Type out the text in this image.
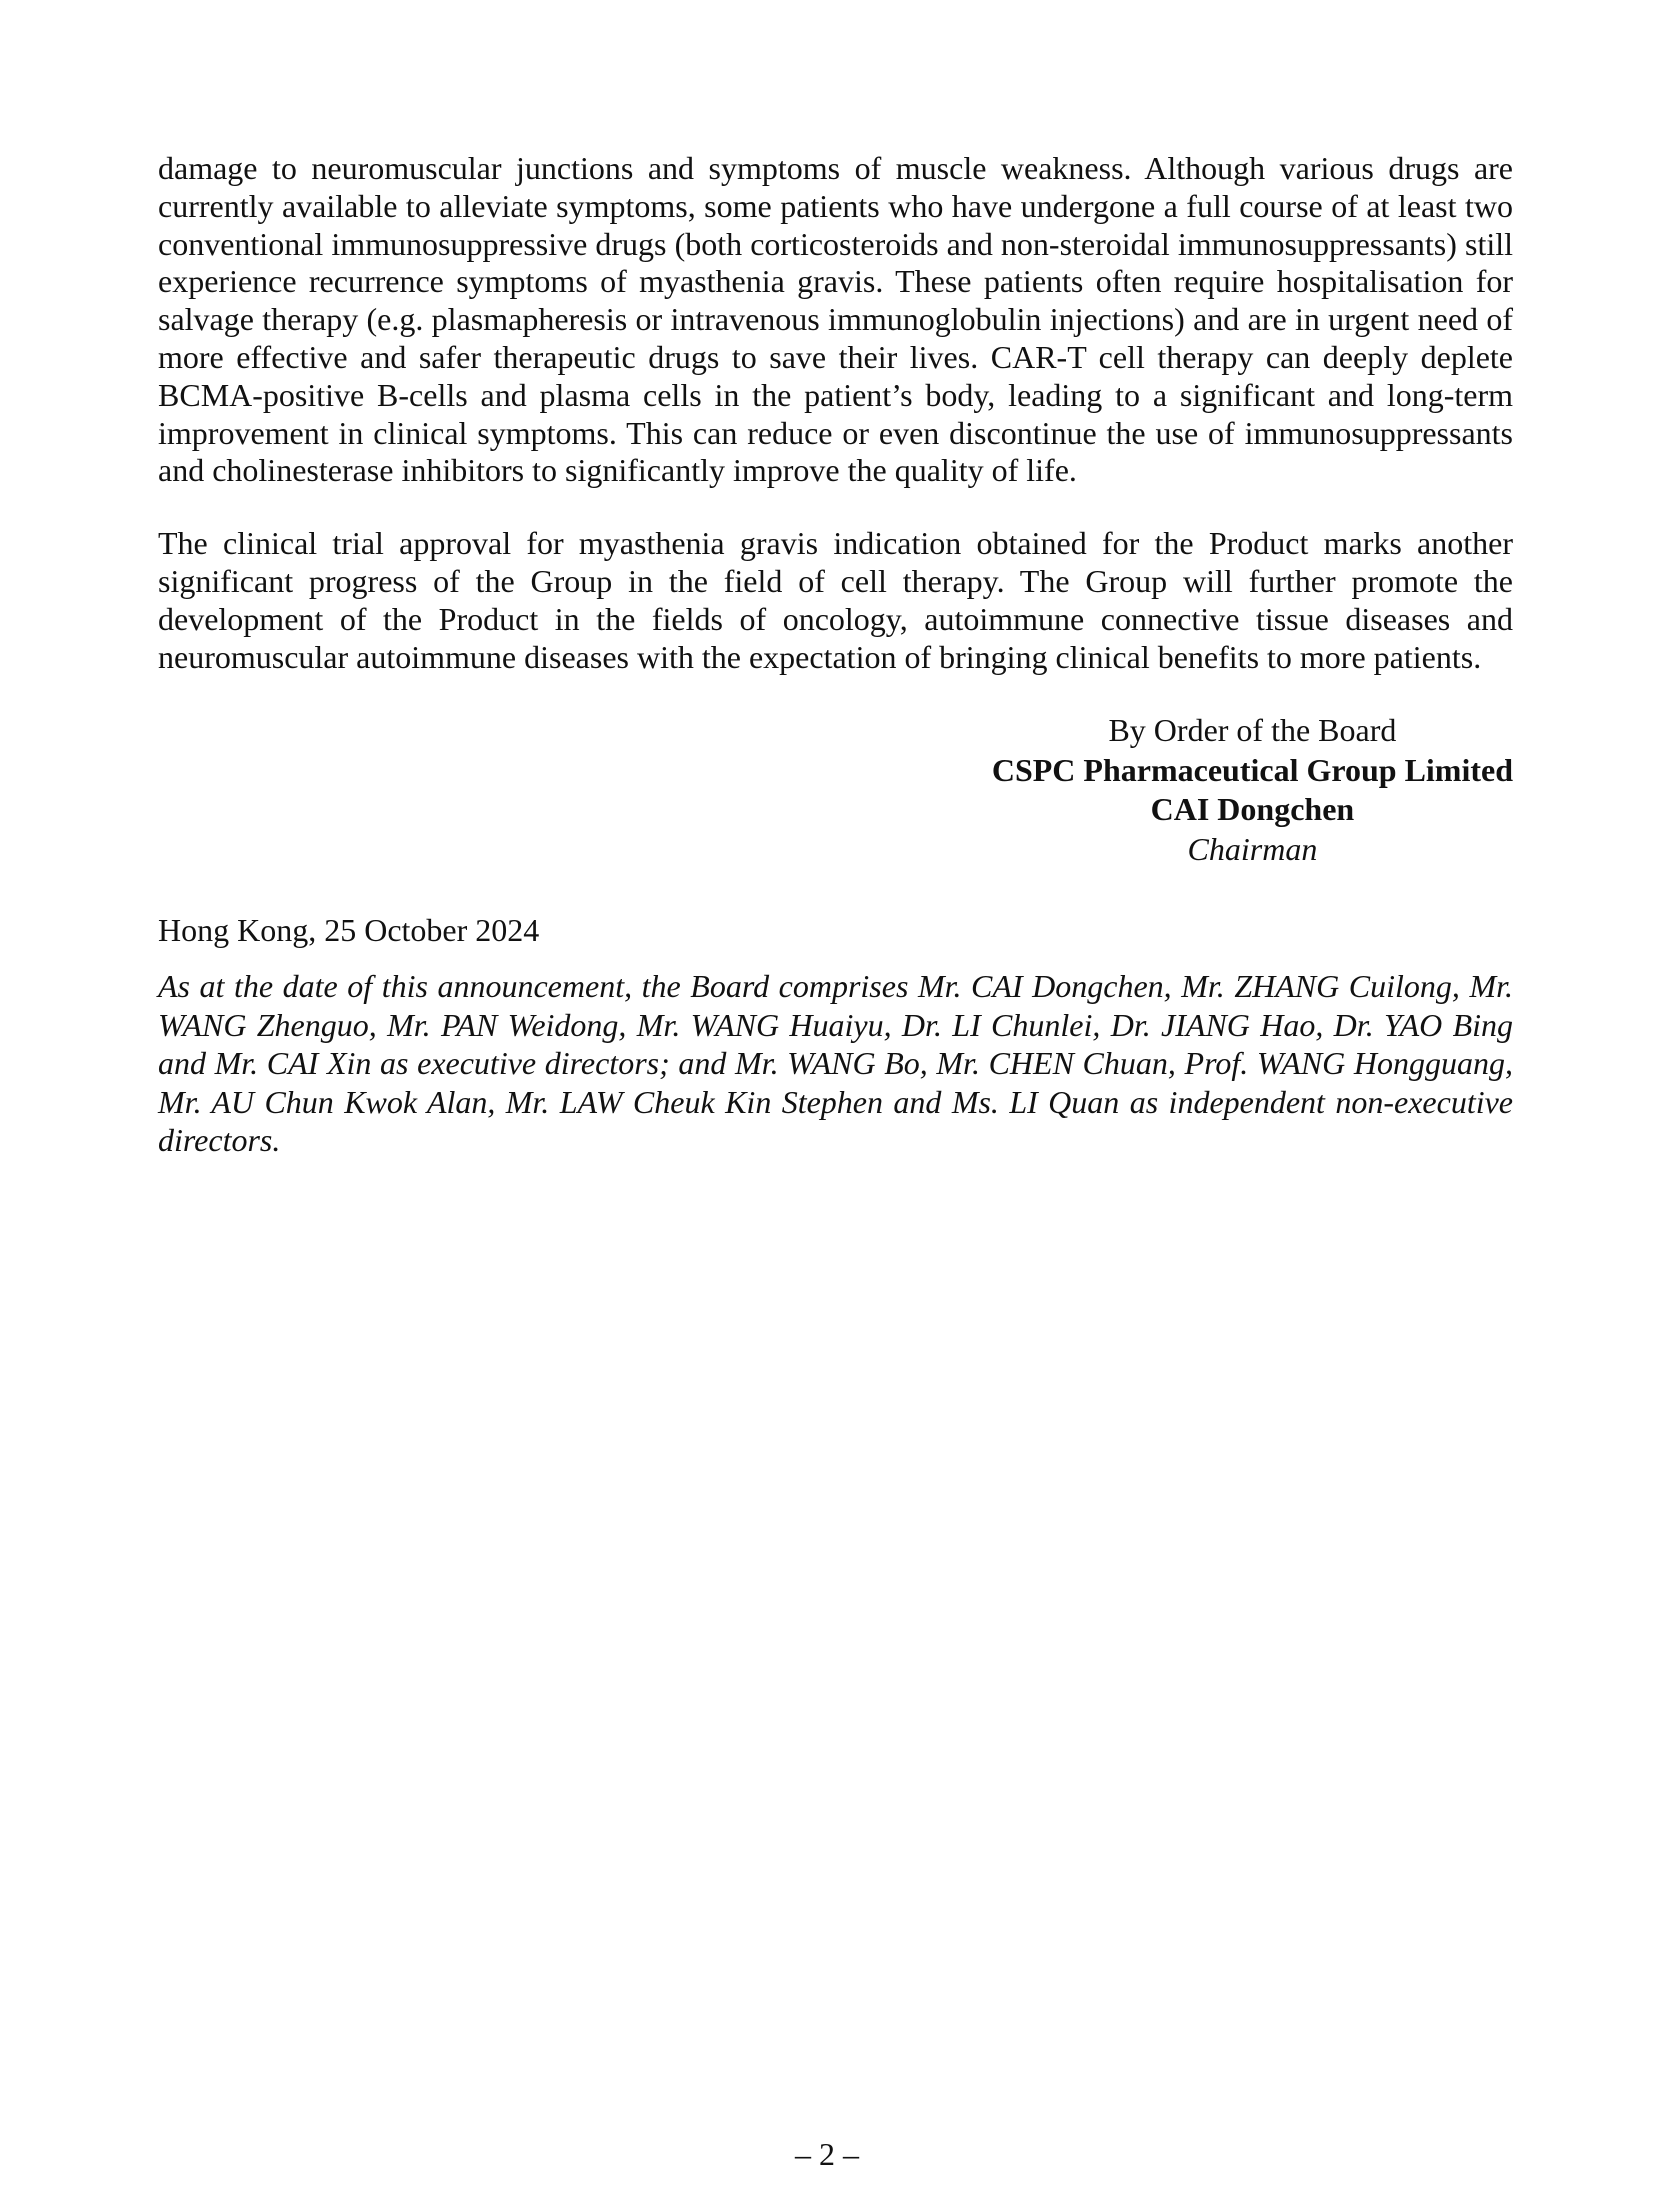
damage to neuromuscular junctions and symptoms of muscle weakness. Although various drugs are currently available to alleviate symptoms, some patients who have undergone a full course of at least two conventional immunosuppressive drugs (both corticosteroids and non-steroidal immunosuppressants) still experience recurrence symptoms of myasthenia gravis. These patients often require hospitalisation for salvage therapy (e.g. plasmapheresis or intravenous immunoglobulin injections) and are in urgent need of more effective and safer therapeutic drugs to save their lives. CAR-T cell therapy can deeply deplete BCMA-positive B-cells and plasma cells in the patient’s body, leading to a significant and long-term improvement in clinical symptoms. This can reduce or even discontinue the use of immunosuppressants and cholinesterase inhibitors to significantly improve the quality of life.

The clinical trial approval for myasthenia gravis indication obtained for the Product marks another significant progress of the Group in the field of cell therapy. The Group will further promote the development of the Product in the fields of oncology, autoimmune connective tissue diseases and neuromuscular autoimmune diseases with the expectation of bringing clinical benefits to more patients.

By Order of the Board
CSPC Pharmaceutical Group Limited
CAI Dongchen
Chairman
Hong Kong, 25 October 2024

As at the date of this announcement, the Board comprises Mr. CAI Dongchen, Mr. ZHANG Cuilong, Mr. WANG Zhenguo, Mr. PAN Weidong, Mr. WANG Huaiyu, Dr. LI Chunlei, Dr. JIANG Hao, Dr. YAO Bing and Mr. CAI Xin as executive directors; and Mr. WANG Bo, Mr. CHEN Chuan, Prof. WANG Hongguang, Mr. AU Chun Kwok Alan, Mr. LAW Cheuk Kin Stephen and Ms. LI Quan as independent non-executive directors.

– 2 –
